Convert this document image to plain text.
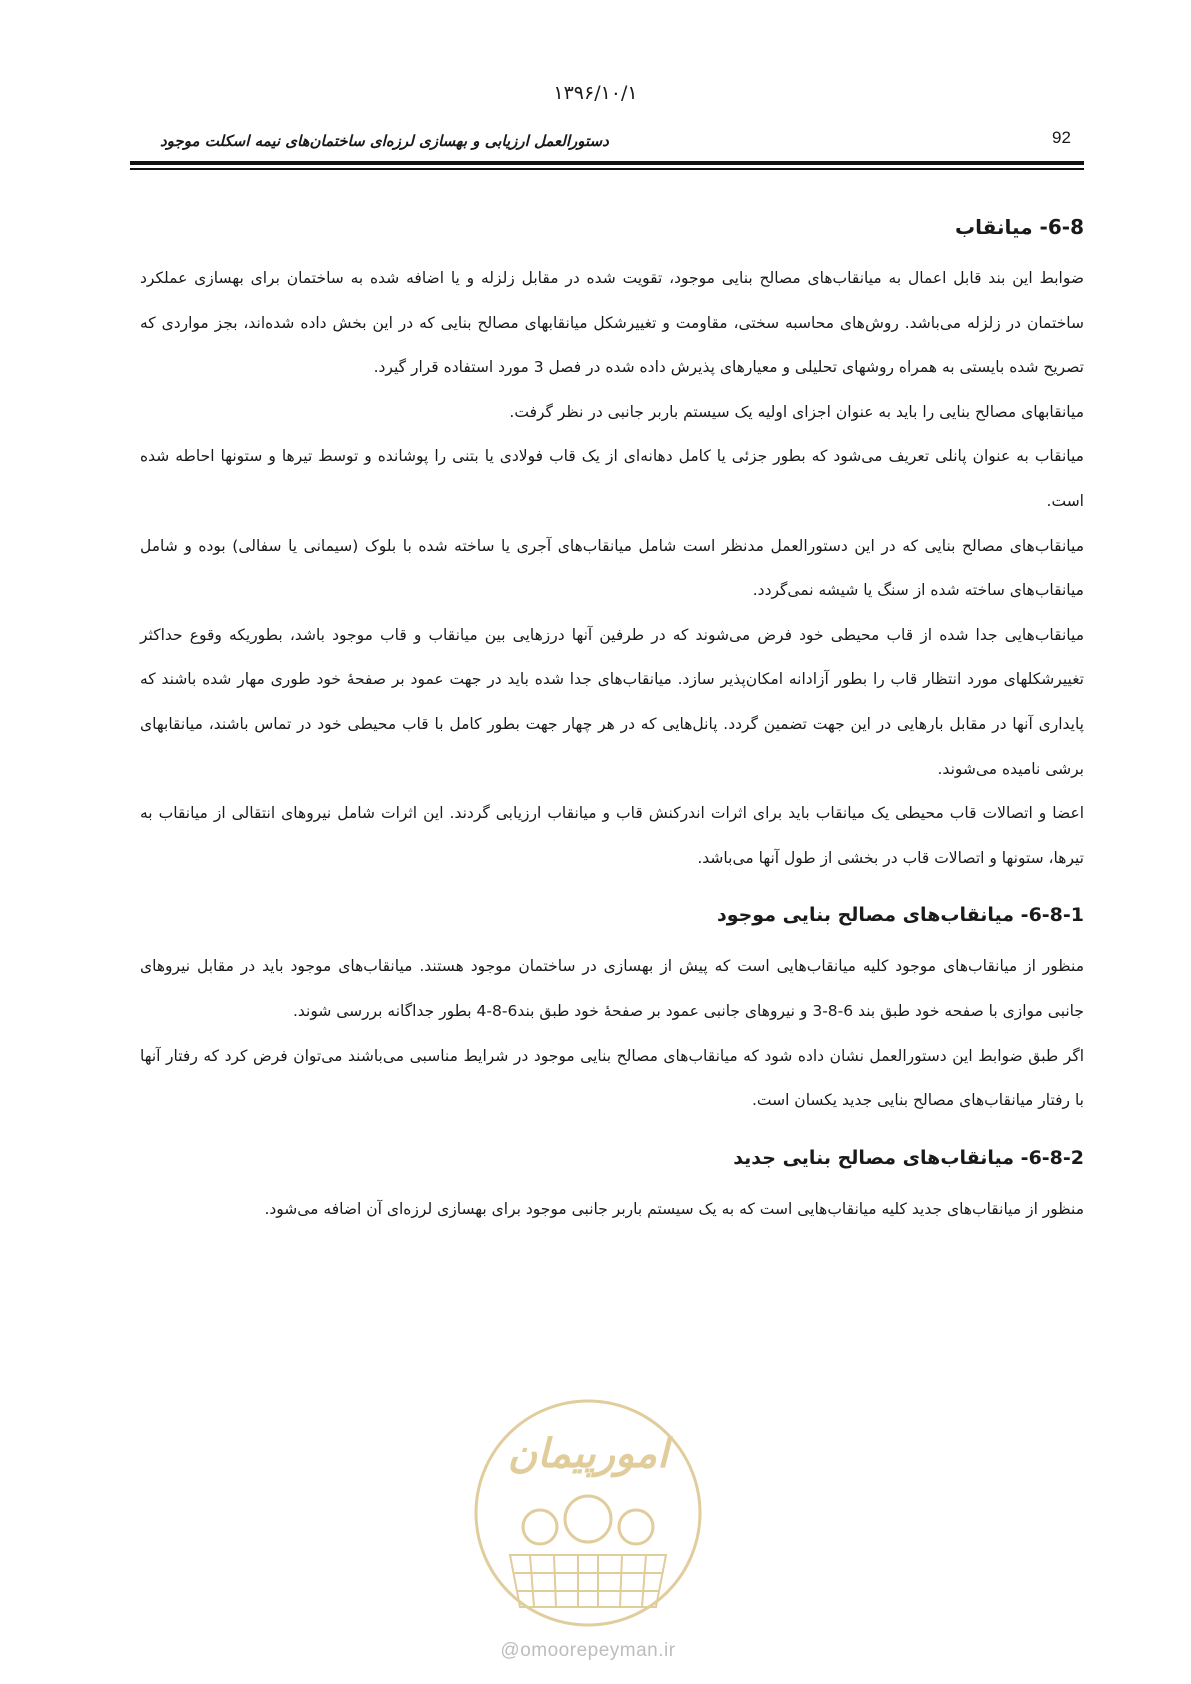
۱۳۹۶/۱۰/۱
دستورالعمل ارزیابی و بهسازی لرزه‌ای ساختمان‌های نیمه اسکلت موجود	92
6-8- میانقاب

ضوابط این بند قابل اعمال به میانقاب‌های مصالح بنایی موجود، تقویت شده در مقابل زلزله و یا اضافه شده به ساختمان برای بهسازی عملکرد ساختمان در زلزله می‌باشد. روش‌های محاسبه سختی، مقاومت و تغییرشکل میانقابهای مصالح بنایی که در این بخش داده شده‌اند، بجز مواردی که تصریح شده بایستی به همراه روشهای تحلیلی و معیارهای پذیرش داده شده در فصل 3 مورد استفاده قرار گیرد.

میانقابهای مصالح بنایی را باید به عنوان اجزای اولیه یک سیستم باربر جانبی در نظر گرفت.

میانقاب به عنوان پانلی تعریف می‌شود که بطور جزئی یا کامل دهانه‌ای از یک قاب فولادی یا بتنی را پوشانده و توسط تیرها و ستونها احاطه شده است.

میانقاب‌های مصالح بنایی که در این دستورالعمل مدنظر است شامل میانقاب‌های آجری یا ساخته شده با بلوک (سیمانی یا سفالی) بوده و شامل میانقاب‌های ساخته شده از سنگ یا شیشه نمی‌گردد.

میانقاب‌هایی جدا شده از قاب محیطی خود فرض می‌شوند که در طرفین آنها درزهایی بین میانقاب و قاب موجود باشد، بطوریکه وقوع حداکثر تغییرشکلهای مورد انتظار قاب را بطور آزادانه امکان‌پذیر سازد. میانقاب‌های جدا شده باید در جهت عمود بر صفحهٔ خود طوری مهار شده باشند که پایداری آنها در مقابل بارهایی در این جهت تضمین گردد. پانل‌هایی که در هر چهار جهت بطور کامل با قاب محیطی خود در تماس باشند، میانقابهای برشی نامیده می‌شوند.

اعضا و اتصالات قاب محیطی یک میانقاب باید برای اثرات اندرکنش قاب و میانقاب ارزیابی گردند. این اثرات شامل نیروهای انتقالی از میانقاب به تیرها، ستونها و اتصالات قاب در بخشی از طول آنها می‌باشد.

6-8-1- میانقاب‌های مصالح بنایی موجود

منظور از میانقاب‌های موجود کلیه میانقاب‌هایی است که پیش از بهسازی در ساختمان موجود هستند. میانقاب‌های موجود باید در مقابل نیروهای جانبی موازی با صفحه خود طبق بند 6-8-3 و نیروهای جانبی عمود بر صفحهٔ خود طبق بند6-8-4 بطور جداگانه بررسی شوند.

اگر طبق ضوابط این دستورالعمل نشان داده شود که میانقاب‌های مصالح بنایی موجود در شرایط مناسبی می‌باشند می‌توان فرض کرد که رفتار آنها با رفتار میانقاب‌های مصالح بنایی جدید یکسان است.

6-8-2- میانقاب‌های مصالح بنایی جدید

منظور از میانقاب‌های جدید کلیه میانقاب‌هایی است که به یک سیستم باربر جانبی موجود برای بهسازی لرزه‌ای آن اضافه می‌شود.

امورپیمان
@omoorepeyman.ir
